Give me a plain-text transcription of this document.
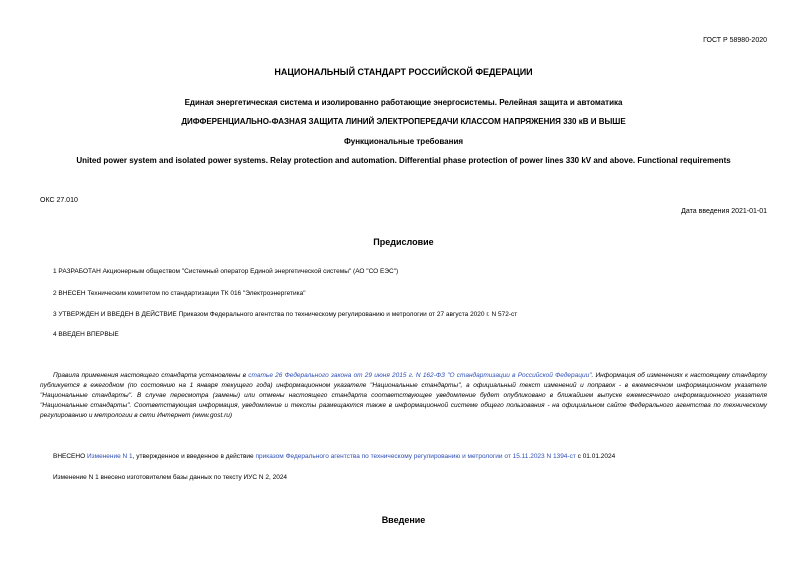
ГОСТ Р 58980-2020
НАЦИОНАЛЬНЫЙ СТАНДАРТ РОССИЙСКОЙ ФЕДЕРАЦИИ
Единая энергетическая система и изолированно работающие энергосистемы. Релейная защита и автоматика
ДИФФЕРЕНЦИАЛЬНО-ФАЗНАЯ ЗАЩИТА ЛИНИЙ ЭЛЕКТРОПЕРЕДАЧИ КЛАССОМ НАПРЯЖЕНИЯ 330 кВ И ВЫШЕ
Функциональные требования
United power system and isolated power systems. Relay protection and automation. Differential phase protection of power lines 330 kV and above. Functional requirements
ОКС 27.010
Дата введения 2021-01-01
Предисловие
1 РАЗРАБОТАН Акционерным обществом "Системный оператор Единой энергетической системы" (АО "СО ЕЭС")
2 ВНЕСЕН Техническим комитетом по стандартизации ТК 016 "Электроэнергетика"
3 УТВЕРЖДЕН И ВВЕДЕН В ДЕЙСТВИЕ Приказом Федерального агентства по техническому регулированию и метрологии от 27 августа 2020 г. N 572-ст
4 ВВЕДЕН ВПЕРВЫЕ
Правила применения настоящего стандарта установлены в статье 26 Федерального закона от 29 июня 2015 г. N 162-ФЗ "О стандартизации в Российской Федерации". Информация об изменениях к настоящему стандарту публикуется в ежегодном (по состоянию на 1 января текущего года) информационном указателе "Национальные стандарты", а официальный текст изменений и поправок - в ежемесячном информационном указателе "Национальные стандарты". В случае пересмотра (замены) или отмены настоящего стандарта соответствующее уведомление будет опубликовано в ближайшем выпуске ежемесячного информационного указателя "Национальные стандарты". Соответствующая информация, уведомление и тексты размещаются также в информационной системе общего пользования - на официальном сайте Федерального агентства по техническому регулированию и метрологии в сети Интернет (www.gost.ru)
ВНЕСЕНО Изменение N 1, утвержденное и введенное в действие приказом Федерального агентства по техническому регулированию и метрологии от 15.11.2023 N 1394-ст с 01.01.2024
Изменение N 1 внесено изготовителем базы данных по тексту ИУС N 2, 2024
Введение
